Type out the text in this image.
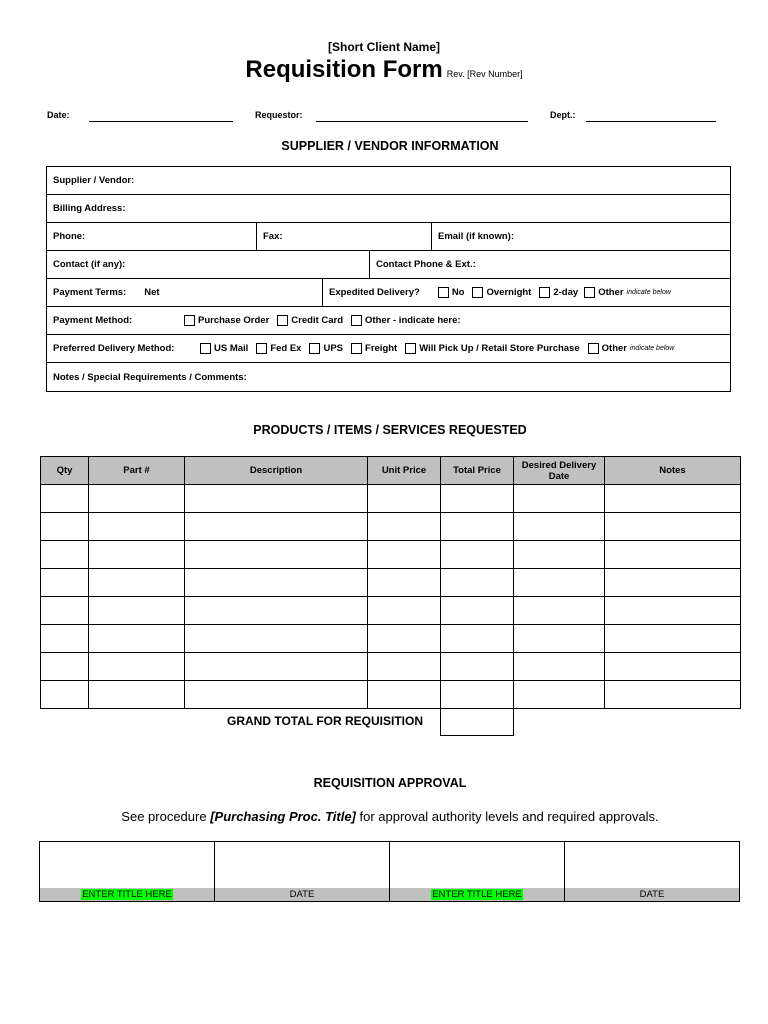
[Short Client Name]
Requisition Form Rev. [Rev Number]
Date:	Requestor:	Dept.:
SUPPLIER / VENDOR INFORMATION
Supplier / Vendor:
Billing Address:
Phone:	Fax:	Email (if known):
Contact (if any):	Contact Phone & Ext.:
Payment Terms: Net	Expedited Delivery?	No Overnight 2-day Other indicate below
Payment Method:	Purchase Order Credit Card Other - indicate here:
Preferred Delivery Method:	US Mail Fed Ex UPS Freight Will Pick Up / Retail Store Purchase Other indicate below
Notes / Special Requirements / Comments:
PRODUCTS / ITEMS / SERVICES REQUESTED
Qty	Part #	Description	Unit Price	Total Price	Desired Delivery Date	Notes

GRAND TOTAL FOR REQUISITION
REQUISITION APPROVAL
See procedure [Purchasing Proc. Title] for approval authority levels and required approvals.
ENTER TITLE HERE	DATE	ENTER TITLE HERE	DATE
